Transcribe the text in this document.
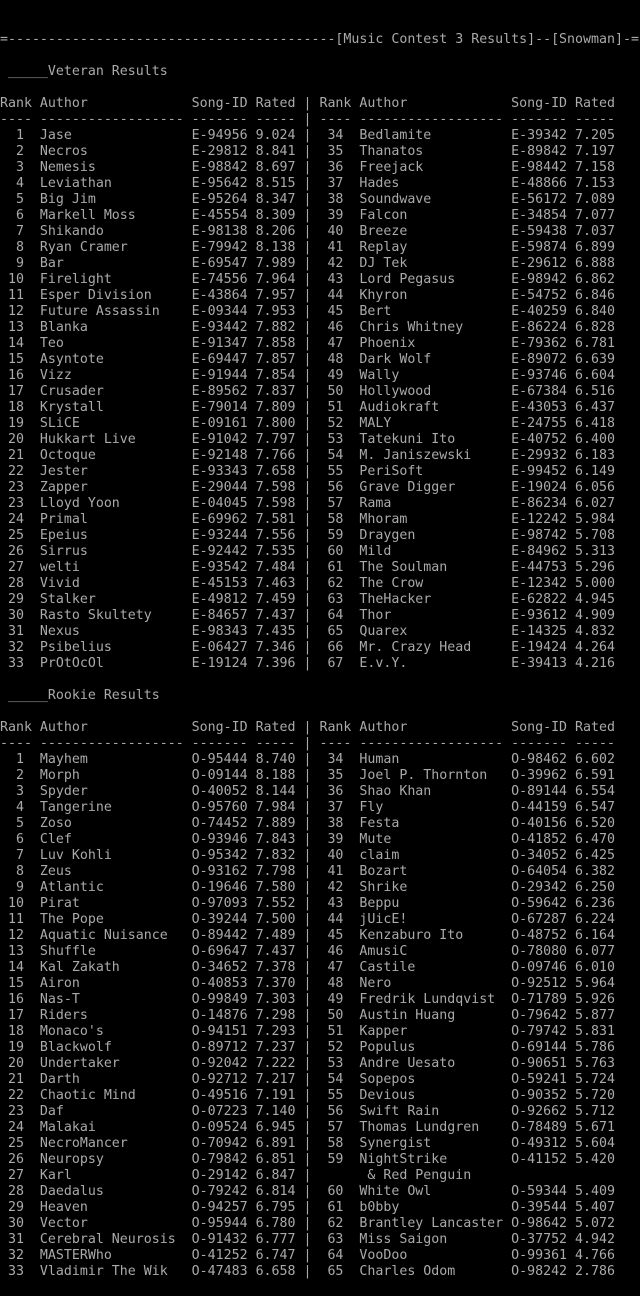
=-----------------------------------------[Music Contest 3 Results]--[Snowman]-=
_____Veteran Results
Rank Author             Song-ID Rated | Rank Author             Song-ID Rated
---- ------------------ ------- ----- | ---- ------------------ ------- -----
1  Jase               E-94956 9.024 |  34  Bedlamite          E-39342 7.205
2  Necros             E-29812 8.841 |  35  Thanatos           E-89842 7.197
3  Nemesis            E-98842 8.697 |  36  Freejack           E-98442 7.158
4  Leviathan          E-95642 8.515 |  37  Hades              E-48866 7.153
5  Big Jim            E-95264 8.347 |  38  Soundwave          E-56172 7.089
6  Markell Moss       E-45554 8.309 |  39  Falcon             E-34854 7.077
7  Shikando           E-98138 8.206 |  40  Breeze             E-59438 7.037
8  Ryan Cramer        E-79942 8.138 |  41  Replay             E-59874 6.899
9  Bar                E-69547 7.989 |  42  DJ Tek             E-29612 6.888
10  Firelight          E-74556 7.964 |  43  Lord Pegasus       E-98942 6.862
11  Esper Division     E-43864 7.957 |  44  Khyron             E-54752 6.846
12  Future Assassin    E-09344 7.953 |  45  Bert               E-40259 6.840
13  Blanka             E-93442 7.882 |  46  Chris Whitney      E-86224 6.828
14  Teo                E-91347 7.858 |  47  Phoenix            E-79362 6.781
15  Asyntote           E-69447 7.857 |  48  Dark Wolf          E-89072 6.639
16  Vizz               E-91944 7.854 |  49  Wally              E-93746 6.604
17  Crusader           E-89562 7.837 |  50  Hollywood          E-67384 6.516
18  Krystall           E-79014 7.809 |  51  Audiokraft         E-43053 6.437
19  SLiCE              E-09161 7.800 |  52  MALY               E-24755 6.418
20  Hukkart Live       E-91042 7.797 |  53  Tatekuni Ito       E-40752 6.400
21  Octoque            E-92148 7.766 |  54  M. Janiszewski     E-29932 6.183
22  Jester             E-93343 7.658 |  55  PeriSoft           E-99452 6.149
23  Zapper             E-29044 7.598 |  56  Grave Digger       E-19024 6.056
23  Lloyd Yoon         E-04045 7.598 |  57  Rama               E-86234 6.027
24  Primal             E-69962 7.581 |  58  Mhoram             E-12242 5.984
25  Epeius             E-93244 7.556 |  59  Draygen            E-98742 5.708
26  Sirrus             E-92442 7.535 |  60  Mild               E-84962 5.313
27  welti              E-93542 7.484 |  61  The Soulman        E-44753 5.296
28  Vivid              E-45153 7.463 |  62  The Crow           E-12342 5.000
29  Stalker            E-49812 7.459 |  63  TheHacker          E-62822 4.945
30  Rasto Skultety     E-84657 7.437 |  64  Thor               E-93612 4.909
31  Nexus              E-98343 7.435 |  65  Quarex             E-14325 4.832
32  Psibelius          E-06427 7.346 |  66  Mr. Crazy Head     E-19424 4.264
33  PrOtOcOl           E-19124 7.396 |  67  E.v.Y.             E-39413 4.216
_____Rookie Results
Rank Author             Song-ID Rated | Rank Author             Song-ID Rated
---- ------------------ ------- ----- | ---- ------------------ ------- -----
1  Mayhem             O-95444 8.740 |  34  Human              O-98462 6.602
2  Morph              O-09144 8.188 |  35  Joel P. Thornton   O-39962 6.591
3  Spyder             O-40052 8.144 |  36  Shao Khan          O-89144 6.554
4  Tangerine          O-95760 7.984 |  37  Fly                O-44159 6.547
5  Zoso               O-74452 7.889 |  38  Festa              O-40156 6.520
6  Clef               O-93946 7.843 |  39  Mute               O-41852 6.470
7  Luv Kohli          O-95342 7.832 |  40  claim              O-34052 6.425
8  Zeus               O-93162 7.798 |  41  Bozart             O-64054 6.382
9  Atlantic           O-19646 7.580 |  42  Shrike             O-29342 6.250
10  Pirat              O-97093 7.552 |  43  Beppu              O-59642 6.236
11  The Pope           O-39244 7.500 |  44  jUicE!             O-67287 6.224
12  Aquatic Nuisance   O-89442 7.489 |  45  Kenzaburo Ito      O-48752 6.164
13  Shuffle            O-69647 7.437 |  46  AmusiC             O-78080 6.077
14  Kal Zakath         O-34652 7.378 |  47  Castile            O-09746 6.010
15  Airon              O-40853 7.370 |  48  Nero               O-92512 5.964
16  Nas-T              O-99849 7.303 |  49  Fredrik Lundqvist  O-71789 5.926
17  Riders             O-14876 7.298 |  50  Austin Huang       O-79642 5.877
18  Monaco's           O-94151 7.293 |  51  Kapper             O-79742 5.831
19  Blackwolf          O-89712 7.237 |  52  Populus            O-69144 5.786
20  Undertaker         O-92042 7.222 |  53  Andre Uesato       O-90651 5.763
21  Darth              O-92712 7.217 |  54  Sopepos            O-59241 5.724
22  Chaotic Mind       O-49516 7.191 |  55  Devious            O-90352 5.720
23  Daf                O-07223 7.140 |  56  Swift Rain         O-92662 5.712
24  Malakai            O-09524 6.945 |  57  Thomas Lundgren    O-78489 5.671
25  NecroMancer        O-70942 6.891 |  58  Synergist          O-49312 5.604
26  Neuropsy           O-79842 6.851 |  59  NightStrike        O-41152 5.420
27  Karl               O-29142 6.847 |       & Red Penguin
28  Daedalus           O-79242 6.814 |  60  White Owl          O-59344 5.409
29  Heaven             O-94257 6.795 |  61  b0bby              O-39544 5.407
30  Vector             O-95944 6.780 |  62  Brantley Lancaster O-98642 5.072
31  Cerebral Neurosis  O-91432 6.777 |  63  Miss Saigon        O-37752 4.942
32  MASTERWho          O-41252 6.747 |  64  VooDoo             O-99361 4.766
33  Vladimir The Wik   O-47483 6.658 |  65  Charles Odom       O-98242 2.786
